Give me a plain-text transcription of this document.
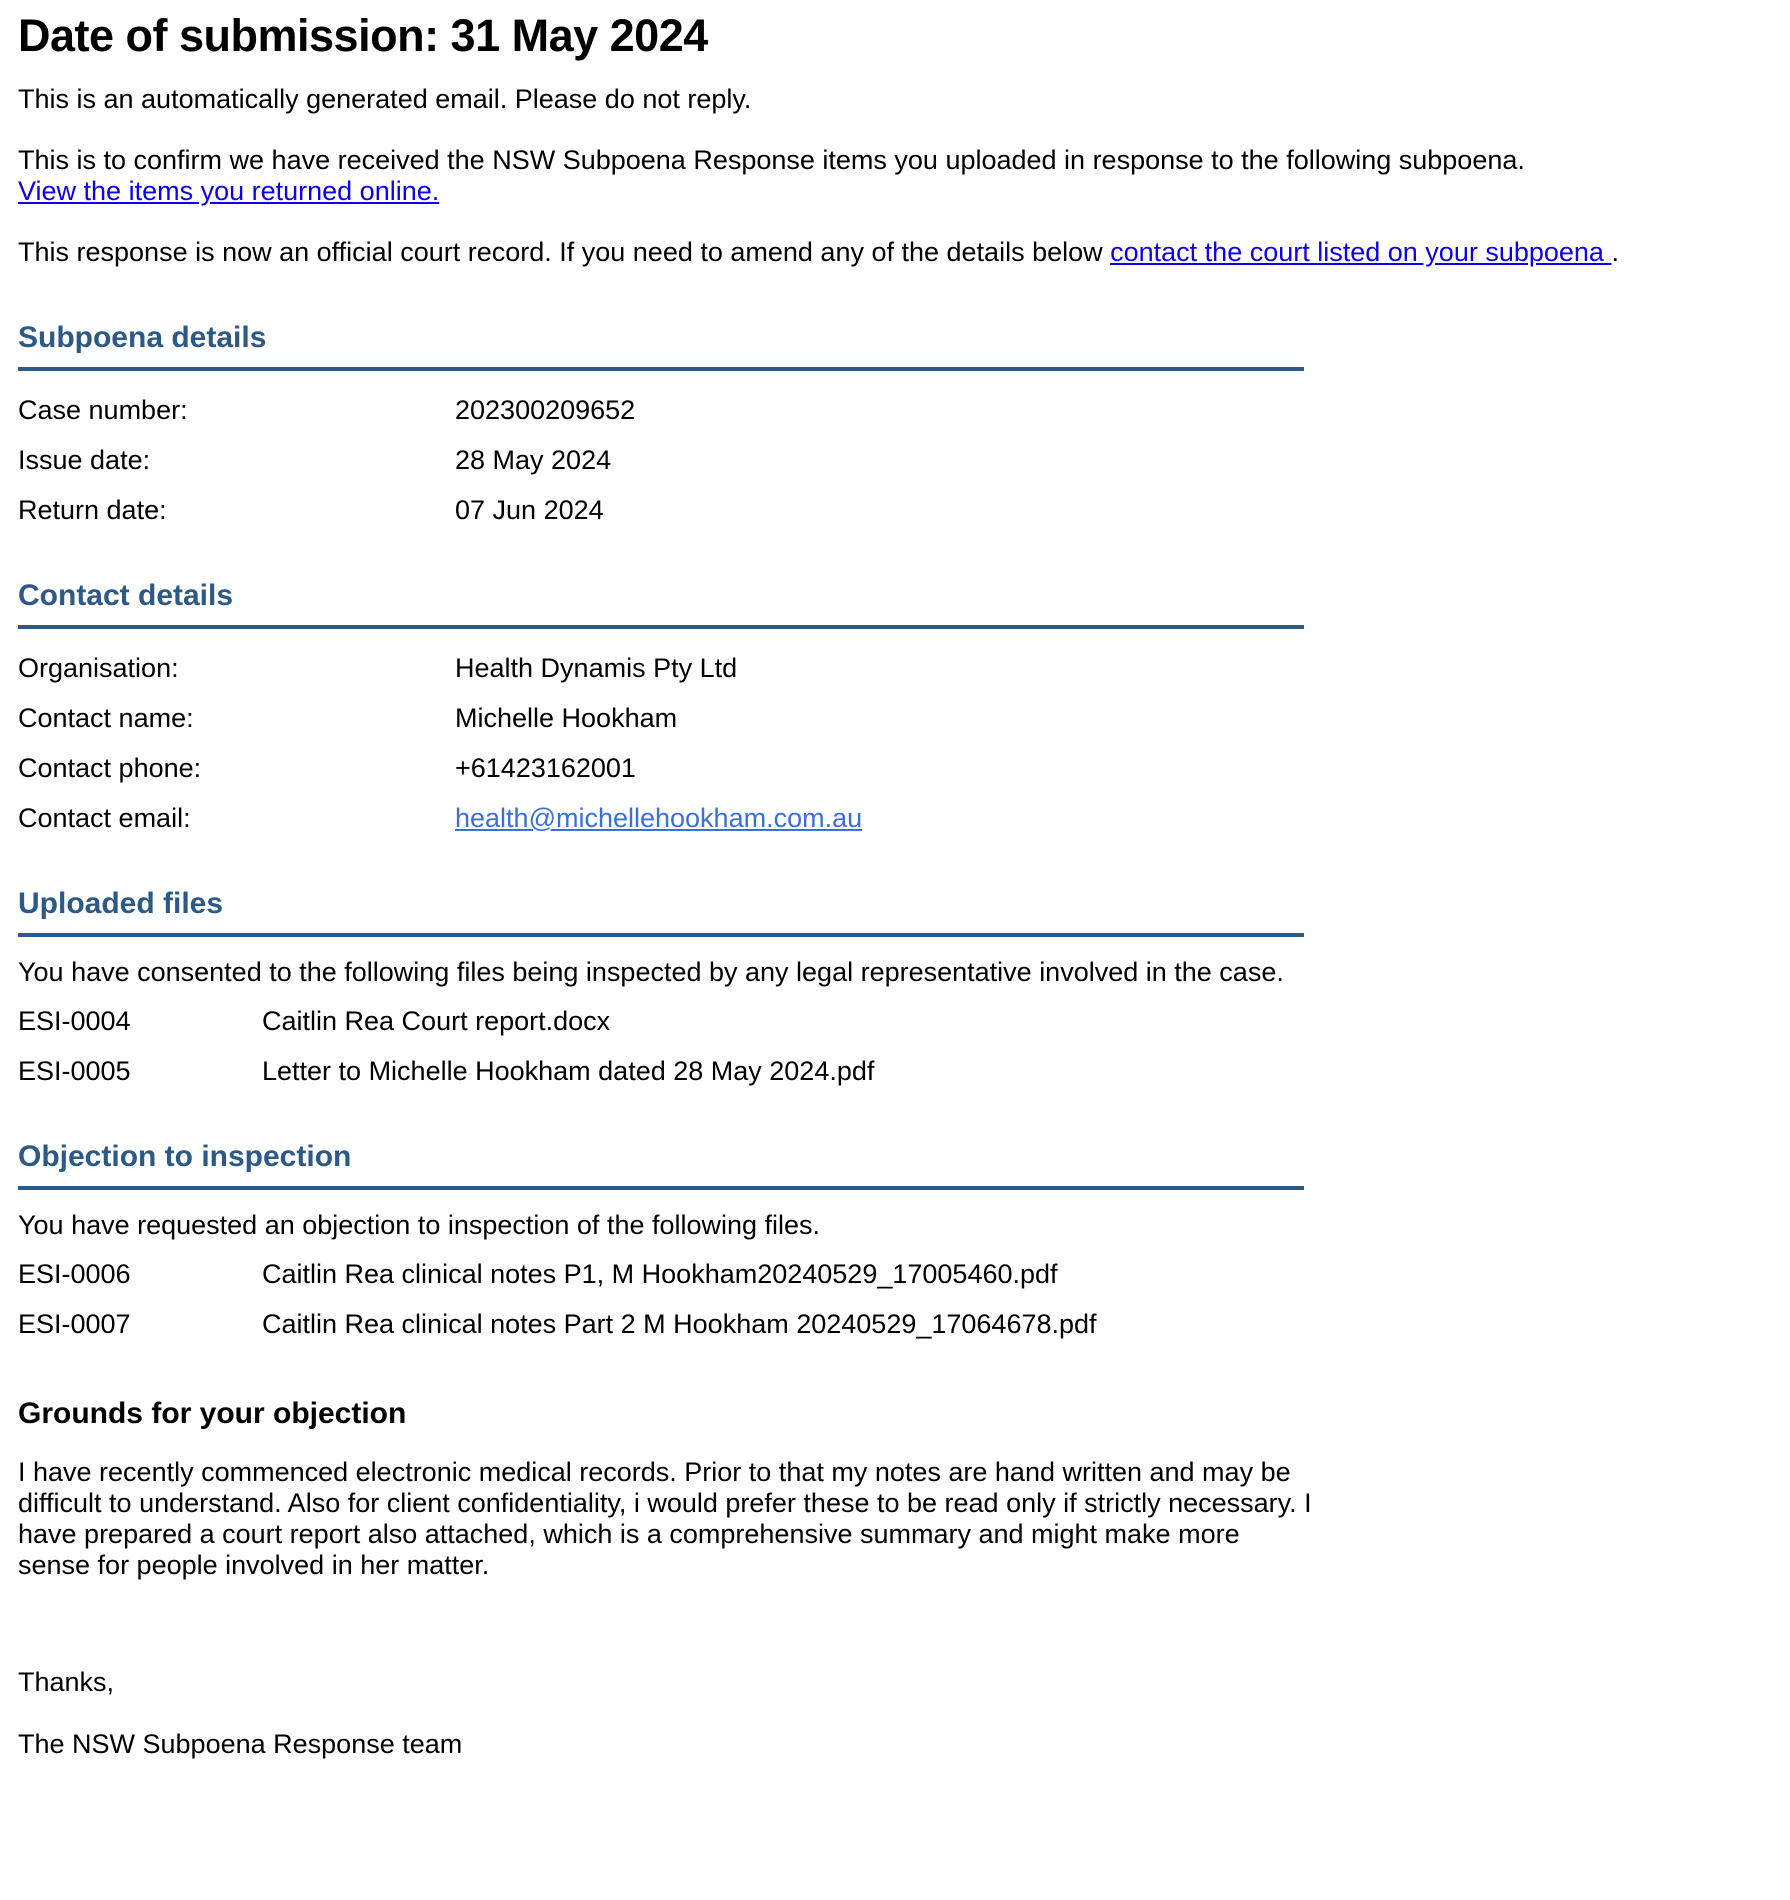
Date of submission: 31 May 2024

This is an automatically generated email. Please do not reply.

This is to confirm we have received the NSW Subpoena Response items you uploaded in response to the following subpoena.
View the items you returned online.

This response is now an official court record. If you need to amend any of the details below contact the court listed on your subpoena .

Subpoena details
Case number:	202300209652
Issue date:	28 May 2024
Return date:	07 Jun 2024
Contact details
Organisation:	Health Dynamis Pty Ltd
Contact name:	Michelle Hookham
Contact phone:	+61423162001
Contact email:	health@michellehookham.com.au
Uploaded files

You have consented to the following files being inspected by any legal representative involved in the case.

ESI-0004	Caitlin Rea Court report.docx
ESI-0005	Letter to Michelle Hookham dated 28 May 2024.pdf
Objection to inspection

You have requested an objection to inspection of the following files.

ESI-0006	Caitlin Rea clinical notes P1, M Hookham20240529_17005460.pdf
ESI-0007	Caitlin Rea clinical notes Part 2 M Hookham 20240529_17064678.pdf
Grounds for your objection

I have recently commenced electronic medical records. Prior to that my notes are hand written and may be difficult to understand. Also for client confidentiality, i would prefer these to be read only if strictly necessary. I have prepared a court report also attached, which is a comprehensive summary and might make more sense for people involved in her matter.

Thanks,

The NSW Subpoena Response team
